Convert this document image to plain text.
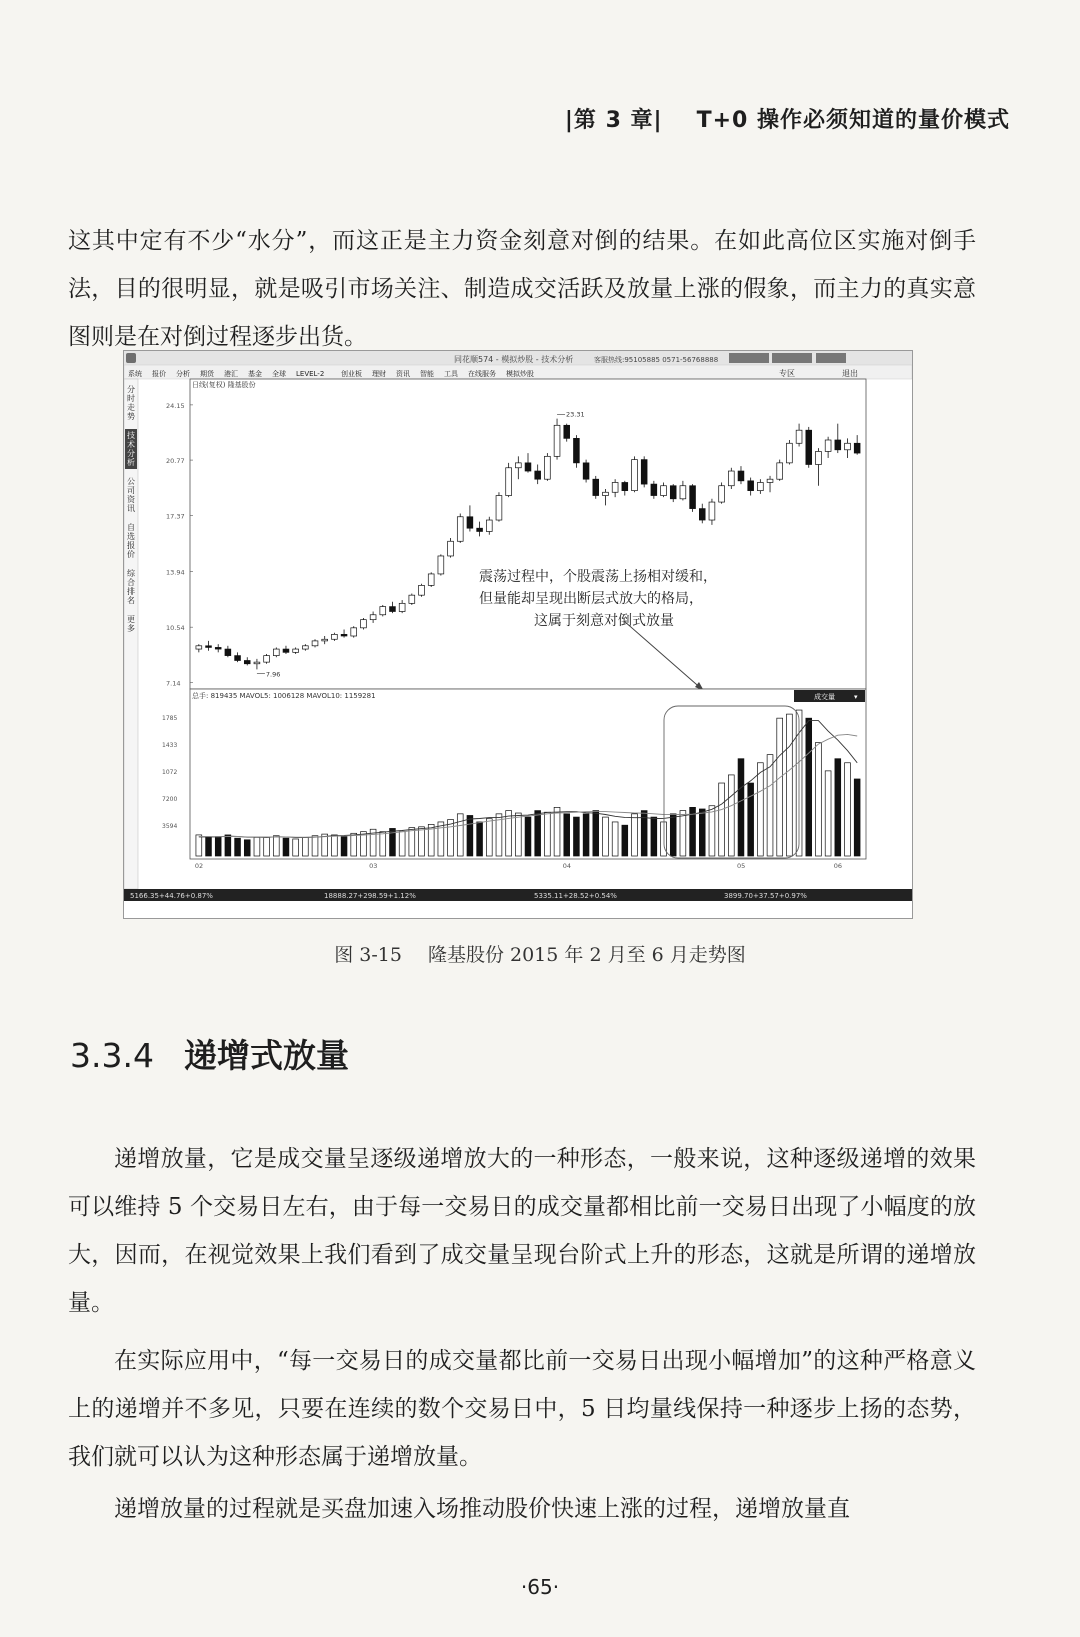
|第 3 章| T+0 操作必须知道的量价模式

这其中定有不少“水分”，而这正是主力资金刻意对倒的结果。在如此高位区实施对倒手法，目的很明显，就是吸引市场关注、制造成交活跃及放量上涨的假象，而主力的真实意图则是在对倒过程逐步出货。

同花顺574 - 模拟炒股 - 技术分析	客服热线:95105885 0571-56768888
系统 报价 分析 期货 港汇 基金 全球 LEVEL-2 创业板 理财 资讯 智能 工具 在线服务 模拟炒股	专区	退出
分
时
走
势
技
术
分
析
公
司
资
讯
自
选
报
价
综
合
排
名
更
多
日线(复权) 隆基股份
24.15
20.77
17.37
13.94
10.54
7.14
23.31
7.96
震荡过程中，个股震荡上扬相对缓和，
但量能却呈现出断层式放大的格局，
这属于刻意对倒式放量
总手: 819435 MAVOL5: 1006128 MAVOL10: 1159281	成交量	▾
1785
1433
1072
7200
3594
02	03	04	05	06
5166.35+44.76+0.87%	18888.27+298.59+1.12%	5335.11+28.52+0.54%	3899.70+37.57+0.97%
图 3-15 隆基股份 2015 年 2 月至 6 月走势图
3.3.4 递增式放量

递增放量，它是成交量呈逐级递增放大的一种形态，一般来说，这种逐级递增的效果可以维持 5 个交易日左右，由于每一交易日的成交量都相比前一交易日出现了小幅度的放大，因而，在视觉效果上我们看到了成交量呈现台阶式上升的形态，这就是所谓的递增放量。

在实际应用中，“每一交易日的成交量都比前一交易日出现小幅增加”的这种严格意义上的递增并不多见，只要在连续的数个交易日中，5 日均量线保持一种逐步上扬的态势，我们就可以认为这种形态属于递增放量。

递增放量的过程就是买盘加速入场推动股价快速上涨的过程，递增放量直

·65·
